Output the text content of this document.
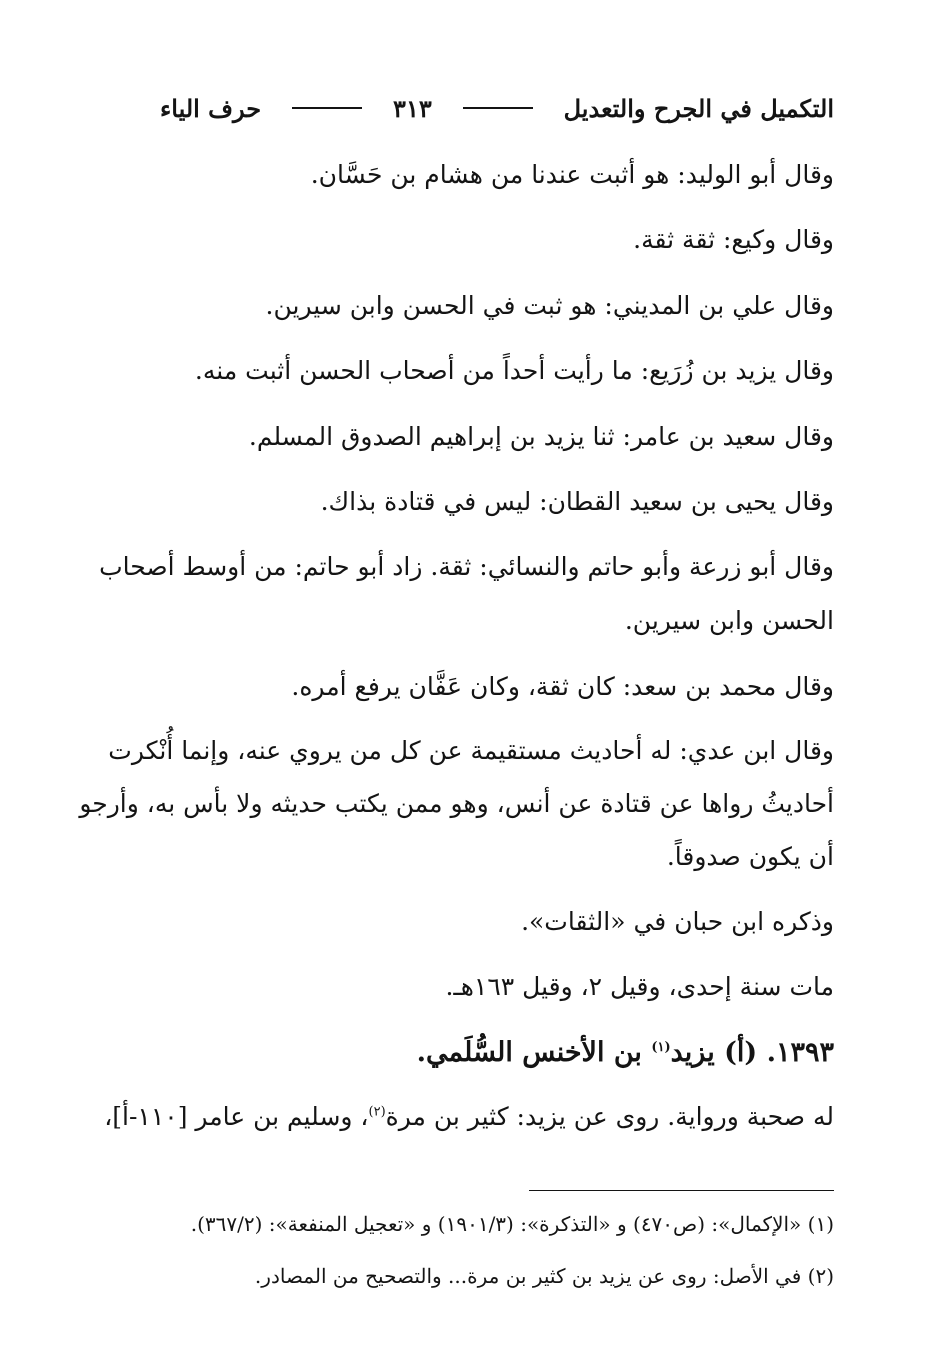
التكميل في الجرح والتعديل
٣١٣
حرف الياء
وقال أبو الوليد: هو أثبت عندنا من هشام بن حَسَّان.
وقال وكيع: ثقة ثقة.
وقال علي بن المديني: هو ثبت في الحسن وابن سيرين.
وقال يزيد بن زُرَيع: ما رأيت أحداً من أصحاب الحسن أثبت منه.
وقال سعيد بن عامر: ثنا يزيد بن إبراهيم الصدوق المسلم.
وقال يحيى بن سعيد القطان: ليس في قتادة بذاك.
وقال أبو زرعة وأبو حاتم والنسائي: ثقة. زاد أبو حاتم: من أوسط أصحاب
الحسن وابن سيرين.
وقال محمد بن سعد: كان ثقة، وكان عَفَّان يرفع أمره.
وقال ابن عدي: له أحاديث مستقيمة عن كل من يروي عنه، وإنما أُنْكرت
أحاديثُ رواها عن قتادة عن أنس، وهو ممن يكتب حديثه ولا بأس به، وأرجو
أن يكون صدوقاً.
وذكره ابن حبان في «الثقات».
مات سنة إحدى، وقيل ٢، وقيل ١٦٣هـ.
١٣٩٣. (أ) يزيد$^{(١)}$ بن الأخنس السُّلَمي.
له صحبة ورواية. روى عن يزيد: كثير بن مرة$^{(٢)}$، وسليم بن عامر [١١٠-أ]،
(١) «الإكمال»: (ص٤٧٠) و «التذكرة»: (١٩٠١/٣) و «تعجيل المنفعة»: (٣٦٧/٢).
(٢) في الأصل: روى عن يزيد بن كثير بن مرة... والتصحيح من المصادر.
